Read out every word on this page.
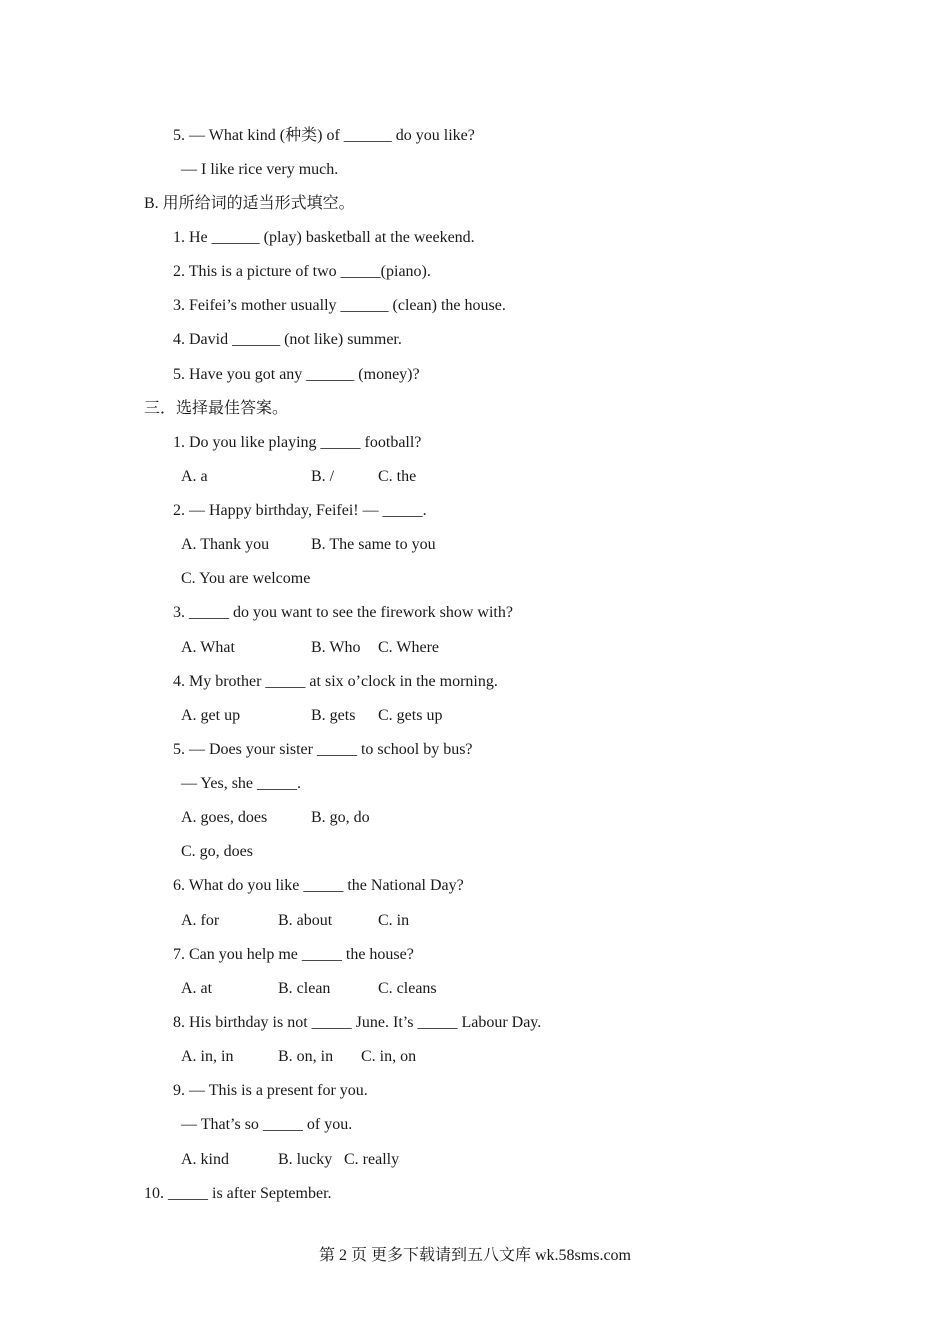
5. — What kind (种类) of ______ do you like?
— I like rice very much.
B. 用所给词的适当形式填空。
1. He ______ (play) basketball at the weekend.
2. This is a picture of two _____(piano).
3. Feifei’s mother usually ______ (clean) the house.
4. David ______ (not like) summer.
5. Have you got any ______ (money)?
三．选择最佳答案。
1. Do you like playing _____ football?
A. a	B. /	C. the
2. — Happy birthday, Feifei! — _____.
A. Thank you	B. The same to you
C. You are welcome
3. _____ do you want to see the firework show with?
A. What	B. Who C. Where
4. My brother _____ at six o’clock in the morning.
A. get up	B. gets C. gets up
5. — Does your sister _____ to school by bus?
— Yes, she _____.
A. goes, does	B. go, do
C. go, does
6. What do you like _____ the National Day?
A. for	B. about	C. in
7. Can you help me _____ the house?
A. at	B. clean	C. cleans
8. His birthday is not _____ June. It’s _____ Labour Day.
A. in, in	B. on, in C. in, on
9. — This is a present for you.
— That’s so _____ of you.
A. kind	B. lucky C. really
10. _____ is after September.
第 2 页 更多下载请到五八文库 wk.58sms.com
